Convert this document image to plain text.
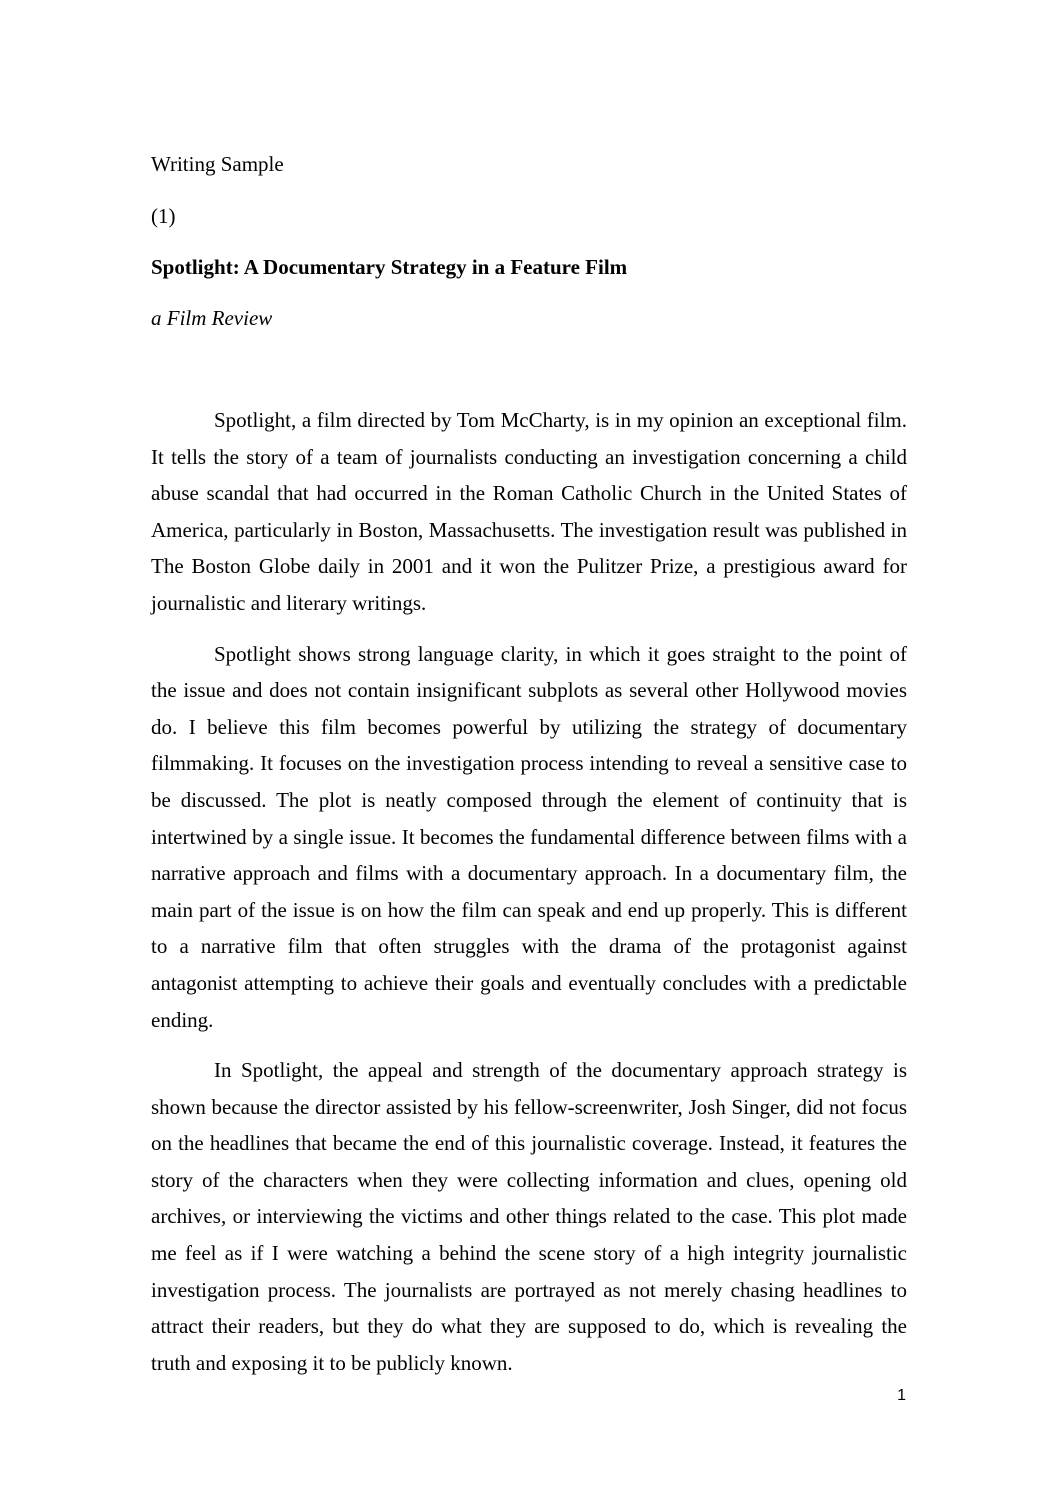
Writing Sample
(1)
Spotlight: A Documentary Strategy in a Feature Film
a Film Review

Spotlight, a film directed by Tom McCharty, is in my opinion an exceptional film. It tells the story of a team of journalists conducting an investigation concerning a child abuse scandal that had occurred in the Roman Catholic Church in the United States of America, particularly in Boston, Massachusetts. The investigation result was published in The Boston Globe daily in 2001 and it won the Pulitzer Prize, a prestigious award for journalistic and literary writings.

Spotlight shows strong language clarity, in which it goes straight to the point of the issue and does not contain insignificant subplots as several other Hollywood movies do. I believe this film becomes powerful by utilizing the strategy of documentary filmmaking. It focuses on the investigation process intending to reveal a sensitive case to be discussed. The plot is neatly composed through the element of continuity that is intertwined by a single issue. It becomes the fundamental difference between films with a narrative approach and films with a documentary approach. In a documentary film, the main part of the issue is on how the film can speak and end up properly. This is different to a narrative film that often struggles with the drama of the protagonist against antagonist attempting to achieve their goals and eventually concludes with a predictable ending.

In Spotlight, the appeal and strength of the documentary approach strategy is shown because the director assisted by his fellow-screenwriter, Josh Singer, did not focus on the headlines that became the end of this journalistic coverage. Instead, it features the story of the characters when they were collecting information and clues, opening old archives, or interviewing the victims and other things related to the case. This plot made me feel as if I were watching a behind the scene story of a high integrity journalistic investigation process. The journalists are portrayed as not merely chasing headlines to attract their readers, but they do what they are supposed to do, which is revealing the truth and exposing it to be publicly known.

1
